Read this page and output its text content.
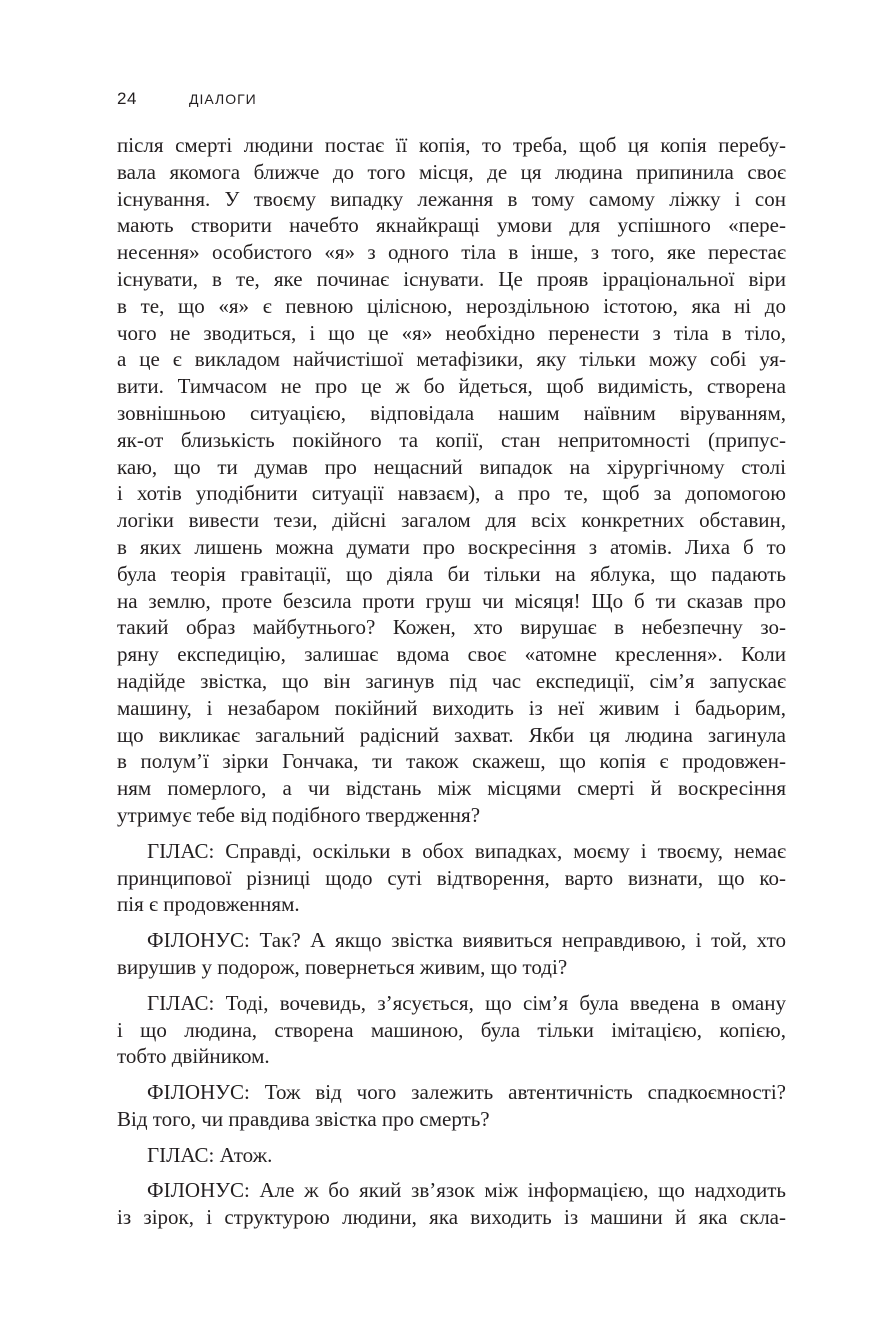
24	ДІАЛОГИ
після смерті людини постає її копія, то треба, щоб ця копія перебу-
вала якомога ближче до того місця, де ця людина припинила своє
існування. У твоєму випадку лежання в тому самому ліжку і сон
мають створити начебто якнайкращі умови для успішного «пере-
несення» особистого «я» з одного тіла в інше, з того, яке перестає
існувати, в те, яке починає існувати. Це прояв ірраціональної віри
в те, що «я» є певною цілісною, нероздільною істотою, яка ні до
чого не зводиться, і що це «я» необхідно перенести з тіла в тіло,
а це є викладом найчистішої метафізики, яку тільки можу собі уя-
вити. Тимчасом не про це ж бо йдеться, щоб видимість, створена
зовнішньою ситуацією, відповідала нашим наївним віруванням,
як-от близькість покійного та копії, стан непритомності (припус-
каю, що ти думав про нещасний випадок на хірургічному столі
і хотів уподібнити ситуації навзаєм), а про те, щоб за допомогою
логіки вивести тези, дійсні загалом для всіх конкретних обставин,
в яких лишень можна думати про воскресіння з атомів. Лиха б то
була теорія гравітації, що діяла би тільки на яблука, що падають
на землю, проте безсила проти груш чи місяця! Що б ти сказав про
такий образ майбутнього? Кожен, хто вирушає в небезпечну зо-
ряну експедицію, залишає вдома своє «атомне креслення». Коли
надійде звістка, що він загинув під час експедиції, сім’я запускає
машину, і незабаром покійний виходить із неї живим і бадьорим,
що викликає загальний радісний захват. Якби ця людина загинула
в полум’ї зірки Гончака, ти також скажеш, що копія є продовжен-
ням померлого, а чи відстань між місцями смерті й воскресіння
утримує тебе від подібного твердження?
ГІЛАС: Справді, оскільки в обох випадках, моєму і твоєму, немає
принципової різниці щодо суті відтворення, варто визнати, що ко-
пія є продовженням.
ФІЛОНУС: Так? А якщо звістка виявиться неправдивою, і той, хто
вирушив у подорож, повернеться живим, що тоді?
ГІЛАС: Тоді, вочевидь, з’ясується, що сім’я була введена в оману
і що людина, створена машиною, була тільки імітацією, копією,
тобто двійником.
ФІЛОНУС: Тож від чого залежить автентичність спадкоємності?
Від того, чи правдива звістка про смерть?
ГІЛАС: Атож.
ФІЛОНУС: Але ж бо який зв’язок між інформацією, що надходить
із зірок, і структурою людини, яка виходить із машини й яка скла-
